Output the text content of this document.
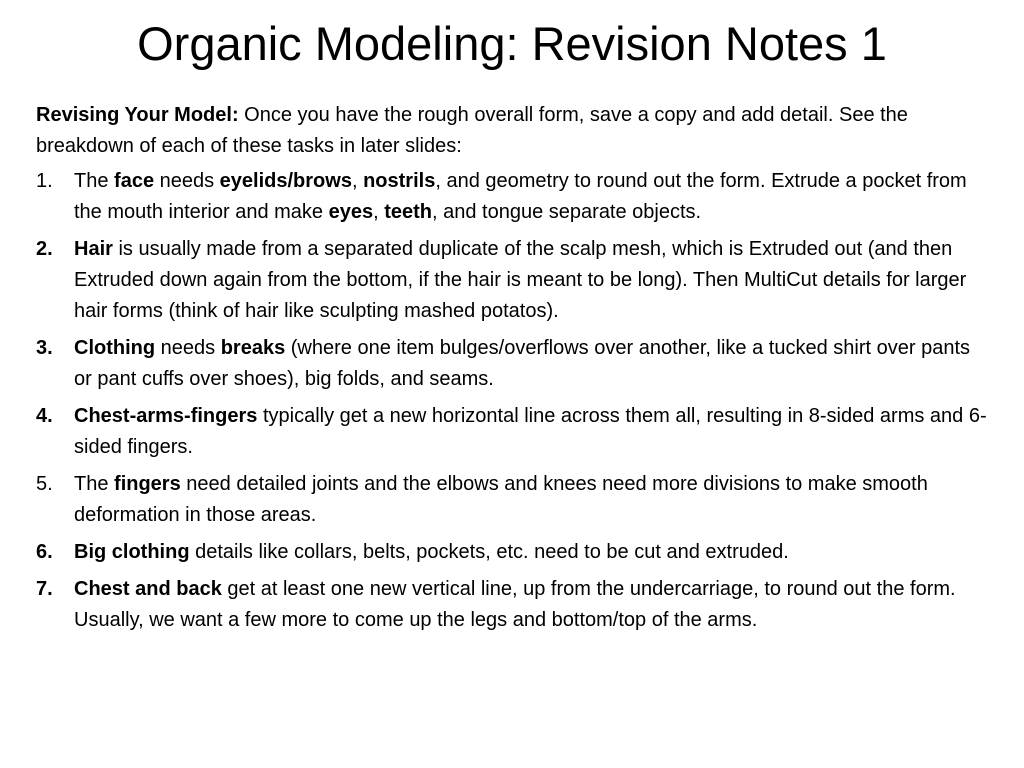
Organic Modeling: Revision Notes 1

Revising Your Model: Once you have the rough overall form, save a copy and add detail. See the breakdown of each of these tasks in later slides:

1. The face needs eyelids/brows, nostrils, and geometry to round out the form. Extrude a pocket from the mouth interior and make eyes, teeth, and tongue separate objects.
2. Hair is usually made from a separated duplicate of the scalp mesh, which is Extruded out (and then Extruded down again from the bottom, if the hair is meant to be long). Then MultiCut details for larger hair forms (think of hair like sculpting mashed potatos).
3. Clothing needs breaks (where one item bulges/overflows over another, like a tucked shirt over pants or pant cuffs over shoes), big folds, and seams.
4. Chest-arms-fingers typically get a new horizontal line across them all, resulting in 8-sided arms and 6-sided fingers.
5. The fingers need detailed joints and the elbows and knees need more divisions to make smooth deformation in those areas.
6. Big clothing details like collars, belts, pockets, etc. need to be cut and extruded.
7. Chest and back get at least one new vertical line, up from the undercarriage, to round out the form. Usually, we want a few more to come up the legs and bottom/top of the arms.
